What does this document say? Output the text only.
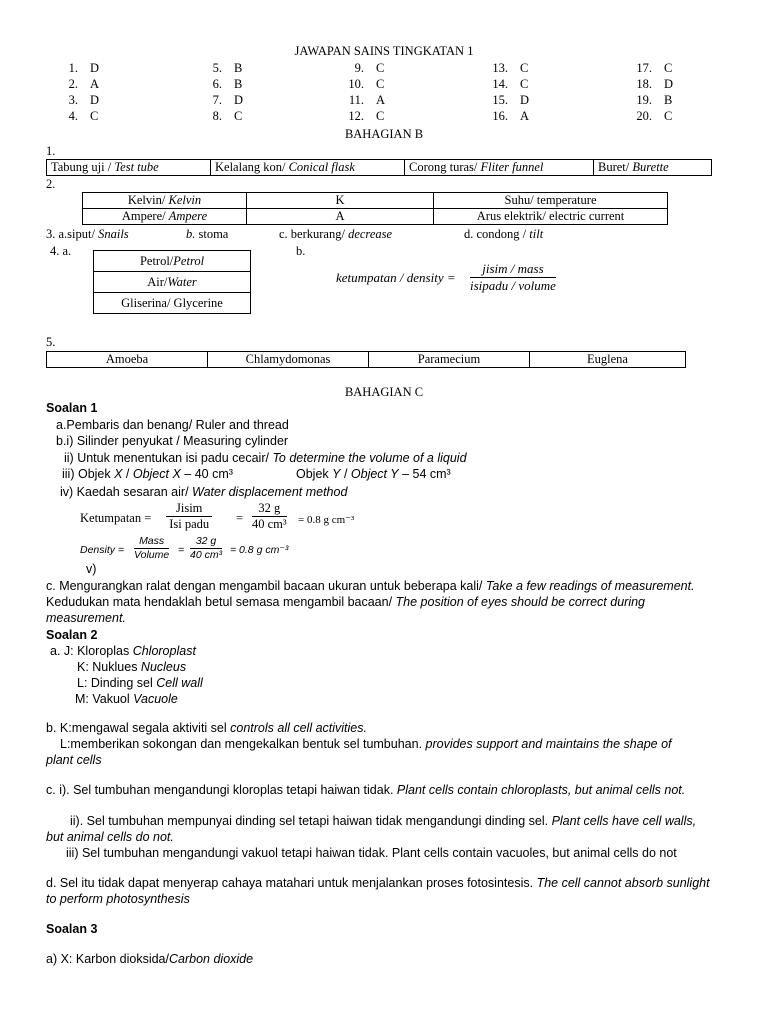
JAWAPAN SAINS TINGKATAN 1
1. D
2. A
3. D
4. C
5. B
6. B
7. D
8. C
9. C
10. C
11. A
12. C
13. C
14. C
15. D
16. A
17. C
18. D
19. B
20. C
BAHAGIAN B
1.
Tabung uji / Test tube	Kelalang kon/ Conical flask	Corong turas/ Fliter funnel	Buret/ Burette
2.
Kelvin/ Kelvin	K	Suhu/ temperature
Ampere/ Ampere	A	Arus elektrik/ electric current
3. a.siput/ Snails	b. stoma	c. berkurang/ decrease	d. condong / tilt
4. a.	b.
Petrol/Petrol
Air/Water
Gliserina/ Glycerine
ketumpatan / density =
jisim / mass
isipadu / volume
5.
Amoeba	Chlamydomonas	Paramecium	Euglena
BAHAGIAN C
Soalan 1
a.Pembaris dan benang/ Ruler and thread
b.i) Silinder penyukat / Measuring cylinder
ii) Untuk menentukan isi padu cecair/ To determine the volume of a liquid
iii) Objek X / Object X – 40 cm³	Objek Y / Object Y – 54 cm³
iv) Kaedah sesaran air/ Water displacement method
Ketumpatan =
Jisim
Isi padu = $\frac{32 g}{\text{40 cm³}} = 0.8$ g cm⁻³
Density =
Mass
Volume = $\frac{32 g}{\text{40 cm³}} = 0.8$ g cm⁻³
v)
c. Mengurangkan ralat dengan mengambil bacaan ukuran untuk beberapa kali/ Take a few readings of measurement.
Kedudukan mata hendaklah betul semasa mengambil bacaan/ The position of eyes should be correct during measurement.
Soalan 2
a. J: Kloroplas Chloroplast
K: Nuklues Nucleus
L: Dinding sel Cell wall
M: Vakuol Vacuole
b. K:mengawal segala aktiviti sel controls all cell activities.
L:memberikan sokongan dan mengekalkan bentuk sel tumbuhan. provides support and maintains the shape of plant cells
c. i). Sel tumbuhan mengandungi kloroplas tetapi haiwan tidak. Plant cells contain chloroplasts, but animal cells not.
ii). Sel tumbuhan mempunyai dinding sel tetapi haiwan tidak mengandungi dinding sel. Plant cells have cell walls, but animal cells do not.
iii) Sel tumbuhan mengandungi vakuol tetapi haiwan tidak. Plant cells contain vacuoles, but animal cells do not
d. Sel itu tidak dapat menyerap cahaya matahari untuk menjalankan proses fotosintesis. The cell cannot absorb sunlight to perform photosynthesis
Soalan 3
a) X: Karbon dioksida/Carbon dioxide
